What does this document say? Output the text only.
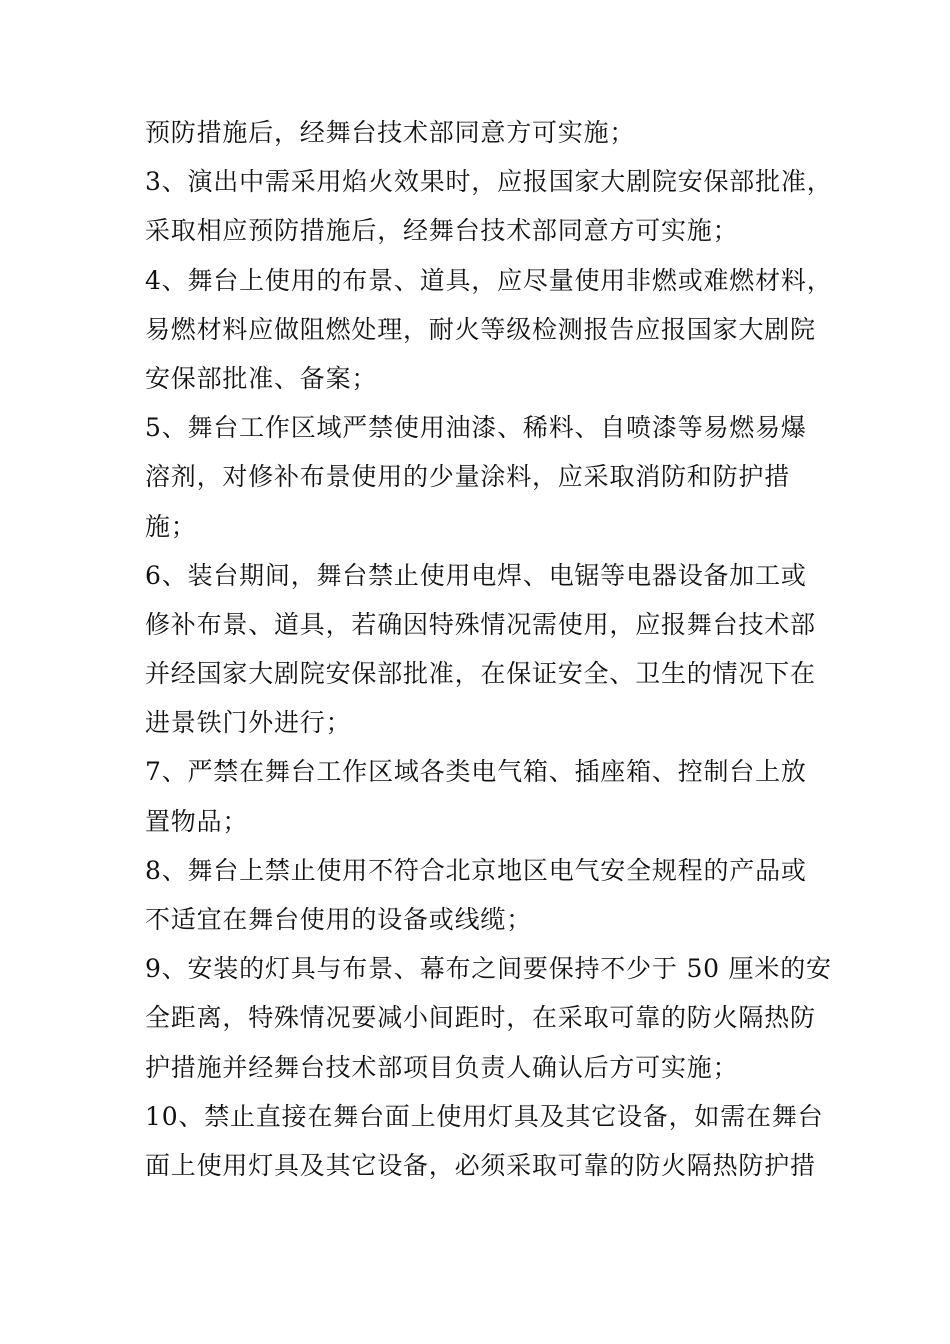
预防措施后，经舞台技术部同意方可实施；
3、演出中需采用焰火效果时，应报国家大剧院安保部批准，
采取相应预防措施后，经舞台技术部同意方可实施；
4、舞台上使用的布景、道具，应尽量使用非燃或难燃材料，
易燃材料应做阻燃处理，耐火等级检测报告应报国家大剧院
安保部批准、备案；
5、舞台工作区域严禁使用油漆、稀料、自喷漆等易燃易爆
溶剂，对修补布景使用的少量涂料，应采取消防和防护措
施；
6、装台期间，舞台禁止使用电焊、电锯等电器设备加工或
修补布景、道具，若确因特殊情况需使用，应报舞台技术部
并经国家大剧院安保部批准，在保证安全、卫生的情况下在
进景铁门外进行；
7、严禁在舞台工作区域各类电气箱、插座箱、控制台上放
置物品；
8、舞台上禁止使用不符合北京地区电气安全规程的产品或
不适宜在舞台使用的设备或线缆；
9、安装的灯具与布景、幕布之间要保持不少于 50 厘米的安
全距离，特殊情况要减小间距时，在采取可靠的防火隔热防
护措施并经舞台技术部项目负责人确认后方可实施；
10、禁止直接在舞台面上使用灯具及其它设备，如需在舞台
面上使用灯具及其它设备，必须采取可靠的防火隔热防护措
